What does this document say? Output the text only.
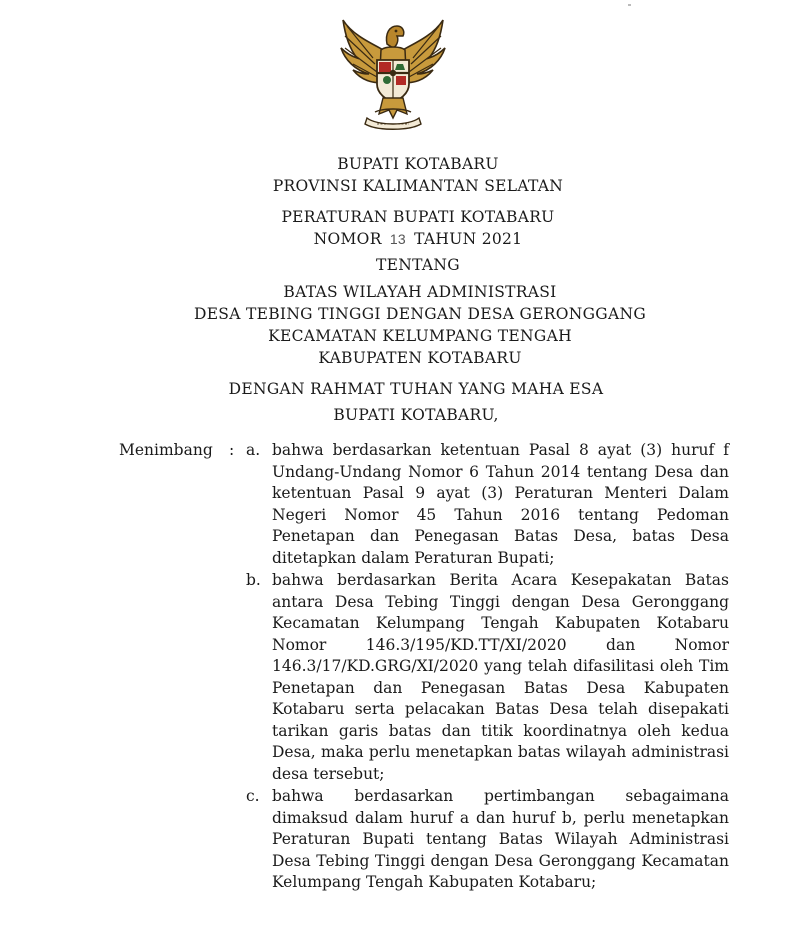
BUPATI KOTABARU
PROVINSI KALIMANTAN SELATAN
PERATURAN BUPATI KOTABARU
NOMOR 13 TAHUN 2021
TENTANG
BATAS WILAYAH ADMINISTRASI
DESA TEBING TINGGI DENGAN DESA GERONGGANG
KECAMATAN KELUMPANG TENGAH
KABUPATEN KOTABARU
DENGAN RAHMAT TUHAN YANG MAHA ESA
BUPATI KOTABARU,
Menimbang : a. bahwa berdasarkan ketentuan Pasal 8 ayat (3) huruf f Undang-Undang Nomor 6 Tahun 2014 tentang Desa dan ketentuan Pasal 9 ayat (3) Peraturan Menteri Dalam Negeri Nomor 45 Tahun 2016 tentang Pedoman Penetapan dan Penegasan Batas Desa, batas Desa ditetapkan dalam Peraturan Bupati;
b. bahwa berdasarkan Berita Acara Kesepakatan Batas antara Desa Tebing Tinggi dengan Desa Geronggang Kecamatan Kelumpang Tengah Kabupaten Kotabaru Nomor 146.3/195/KD.TT/XI/2020 dan Nomor 146.3/17/KD.GRG/XI/2020 yang telah difasilitasi oleh Tim Penetapan dan Penegasan Batas Desa Kabupaten Kotabaru serta pelacakan Batas Desa telah disepakati tarikan garis batas dan titik koordinatnya oleh kedua Desa, maka perlu menetapkan batas wilayah administrasi desa tersebut;
c. bahwa berdasarkan pertimbangan sebagaimana dimaksud dalam huruf a dan huruf b, perlu menetapkan Peraturan Bupati tentang Batas Wilayah Administrasi Desa Tebing Tinggi dengan Desa Geronggang Kecamatan Kelumpang Tengah Kabupaten Kotabaru;
